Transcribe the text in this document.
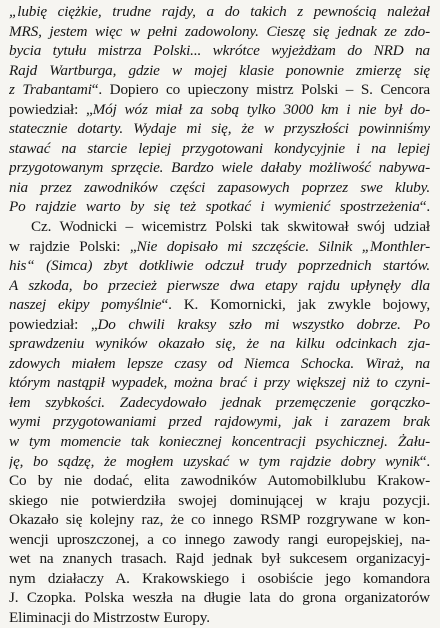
„lubię ciężkie, trudne rajdy, a do takich z pewnością należał
MRS, jestem więc w pełni zadowolony. Cieszę się jednak ze zdo-
bycia tytułu mistrza Polski... wkrótce wyjeżdżam do NRD na
Rajd Wartburga, gdzie w mojej klasie ponownie zmierzę się
z Trabantami“. Dopiero co upieczony mistrz Polski – S. Cencora
powiedział: „Mój wóz miał za sobą tylko 3000 km i nie był do-
statecznie dotarty. Wydaje mi się, że w przyszłości powinniśmy
stawać na starcie lepiej przygotowani kondycyjnie i na lepiej
przygotowanym sprzęcie. Bardzo wiele dałaby możliwość nabywa-
nia przez zawodników części zapasowych poprzez swe kluby.
Po rajdzie warto by się też spotkać i wymienić spostrzeżenia“.
Cz. Wodnicki – wicemistrz Polski tak skwitował swój udział
w rajdzie Polski: „Nie dopisało mi szczęście. Silnik „Monthler-
his“ (Simca) zbyt dotkliwie odczuł trudy poprzednich startów.
A szkoda, bo przecież pierwsze dwa etapy rajdu upłynęły dla
naszej ekipy pomyślnie“. K. Komornicki, jak zwykle bojowy,
powiedział: „Do chwili kraksy szło mi wszystko dobrze. Po
sprawdzeniu wyników okazało się, że na kilku odcinkach zja-
zdowych miałem lepsze czasy od Niemca Schocka. Wiraż, na
którym nastąpił wypadek, można brać i przy większej niż to czyni-
łem szybkości. Zadecydowało jednak przemęczenie gorączko-
wymi przygotowaniami przed rajdowymi, jak i zarazem brak
w tym momencie tak koniecznej koncentracji psychicznej. Żału-
ję, bo sądzę, że mogłem uzyskać w tym rajdzie dobry wynik“.
Co by nie dodać, elita zawodników Automobilklubu Krakow-
skiego nie potwierdziła swojej dominującej w kraju pozycji.
Okazało się kolejny raz, że co innego RSMP rozgrywane w kon-
wencji uproszczonej, a co innego zawody rangi europejskiej, na-
wet na znanych trasach. Rajd jednak był sukcesem organizacyj-
nym działaczy A. Krakowskiego i osobiście jego komandora
J. Czopka. Polska weszła na długie lata do grona organizatorów
Eliminacji do Mistrzostw Europy.
